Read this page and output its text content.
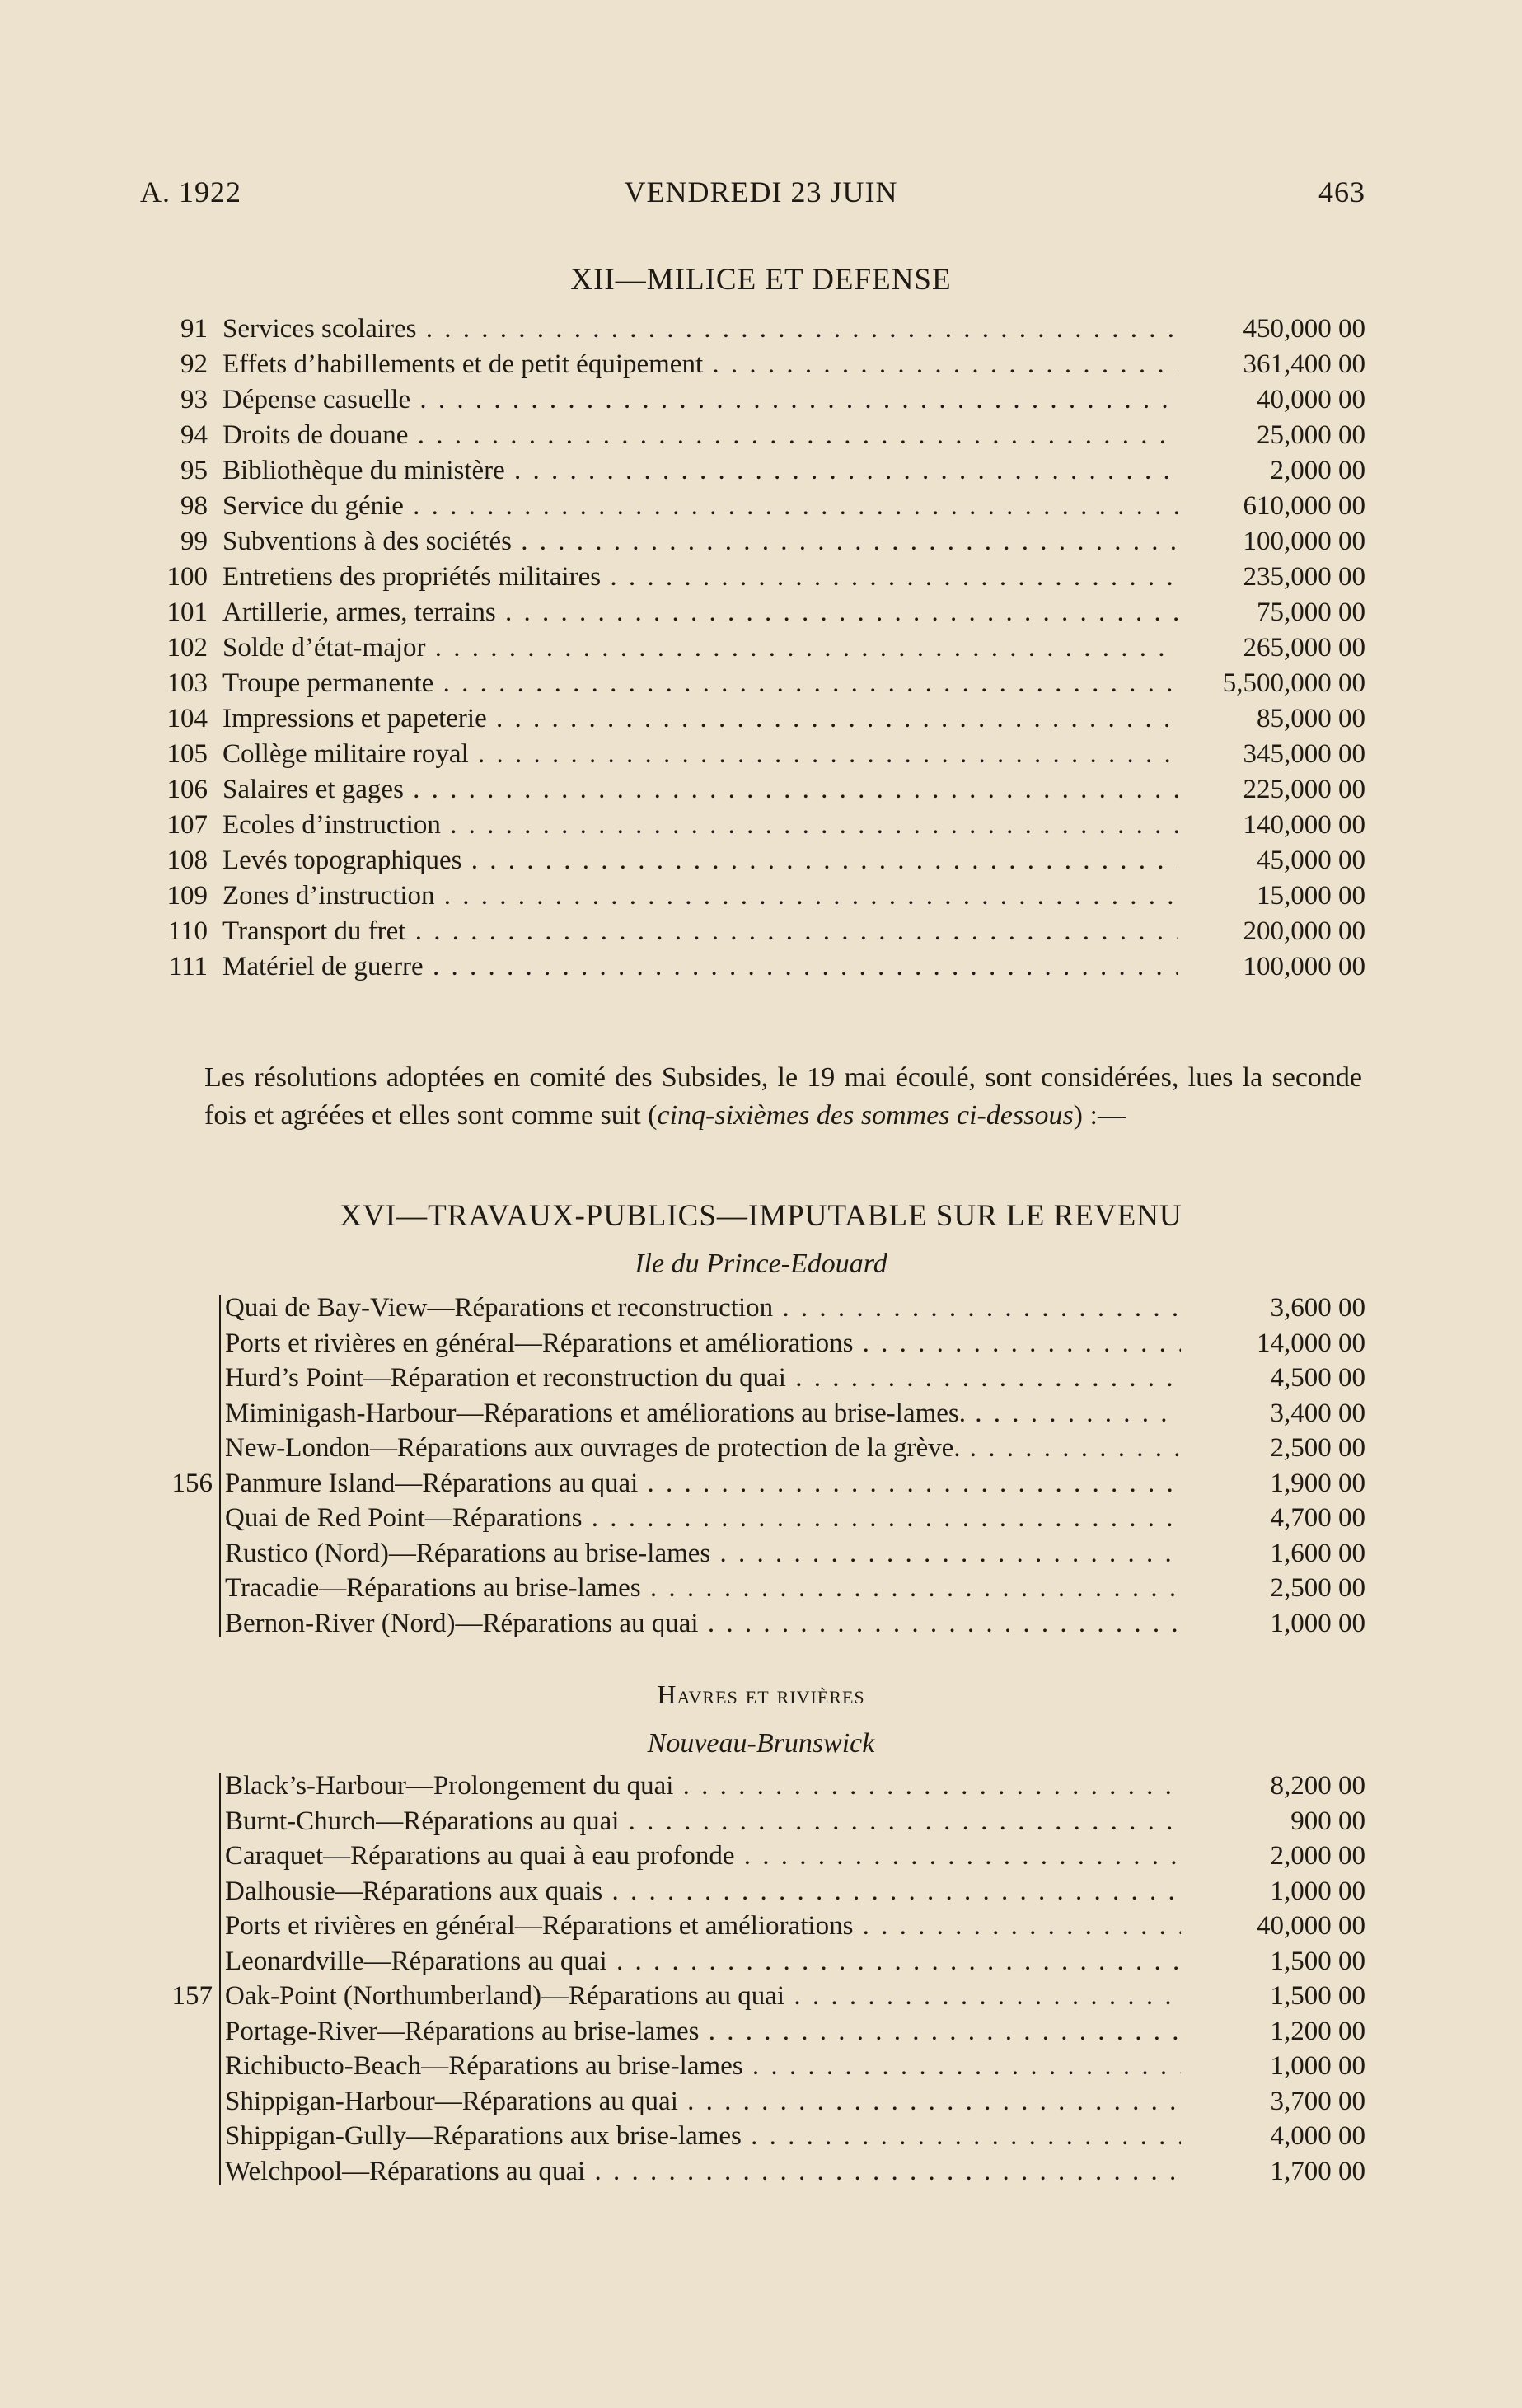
A. 1922	VENDREDI 23 JUIN	463
XII—MILICE ET DEFENSE
Les résolutions adoptées en comité des Subsides, le 19 mai écoulé, sont considérées, lues la seconde fois et agréées et elles sont comme suit (cinq-sixièmes des sommes ci-dessous) :—
XVI—TRAVAUX-PUBLICS—IMPUTABLE SUR LE REVENU
Ile du Prince-Edouard
Havres et rivières
Nouveau-Brunswick
91 Services scolaires . . .	450,000 00
92 Effets d’habillements et de petit équipement . . .	361,400 00
93 Dépense casuelle . . .	40,000 00
94 Droits de douane . . .	25,000 00
95 Bibliothèque du ministère . . .	2,000 00
98 Service du génie . . .	610,000 00
99 Subventions à des sociétés . . .	100,000 00
100 Entretiens des propriétés militaires . . .	235,000 00
101 Artillerie, armes, terrains . . .	75,000 00
102 Solde d’état-major . . .	265,000 00
103 Troupe permanente . . .	5,500,000 00
104 Impressions et papeterie . . .	85,000 00
105 Collège militaire royal . . .	345,000 00
106 Salaires et gages . . .	225,000 00
107 Ecoles d’instruction . . .	140,000 00
108 Levés topographiques . . .	45,000 00
109 Zones d’instruction . . .	15,000 00
110 Transport du fret . . .	200,000 00
111 Matériel de guerre . . .	100,000 00
Quai de Bay-View—Réparations et reconstruction . . .	3,600 00
Ports et rivières en général—Réparations et améliorations . . .	14,000 00
Hurd’s Point—Réparation et reconstruction du quai . . .	4,500 00
Miminigash-Harbour—Réparations et améliorations au brise-lames. . . .	3,400 00
New-London—Réparations aux ouvrages de protection de la grève. . . .	2,500 00
Panmure Island—Réparations au quai . . .	1,900 00
Quai de Red Point—Réparations . . .	4,700 00
Rustico (Nord)—Réparations au brise-lames . . .	1,600 00
Tracadie—Réparations au brise-lames . . .	2,500 00
Bernon-River (Nord)—Réparations au quai . . .	1,000 00
156
Black’s-Harbour—Prolongement du quai . . .	8,200 00
Burnt-Church—Réparations au quai . . .	900 00
Caraquet—Réparations au quai à eau profonde . . .	2,000 00
Dalhousie—Réparations aux quais . . .	1,000 00
Ports et rivières en général—Réparations et améliorations . . .	40,000 00
Leonardville—Réparations au quai . . .	1,500 00
Oak-Point (Northumberland)—Réparations au quai . . .	1,500 00
Portage-River—Réparations au brise-lames . . .	1,200 00
Richibucto-Beach—Réparations au brise-lames . . .	1,000 00
Shippigan-Harbour—Réparations au quai . . .	3,700 00
Shippigan-Gully—Réparations aux brise-lames . . .	4,000 00
Welchpool—Réparations au quai . . .	1,700 00
157
